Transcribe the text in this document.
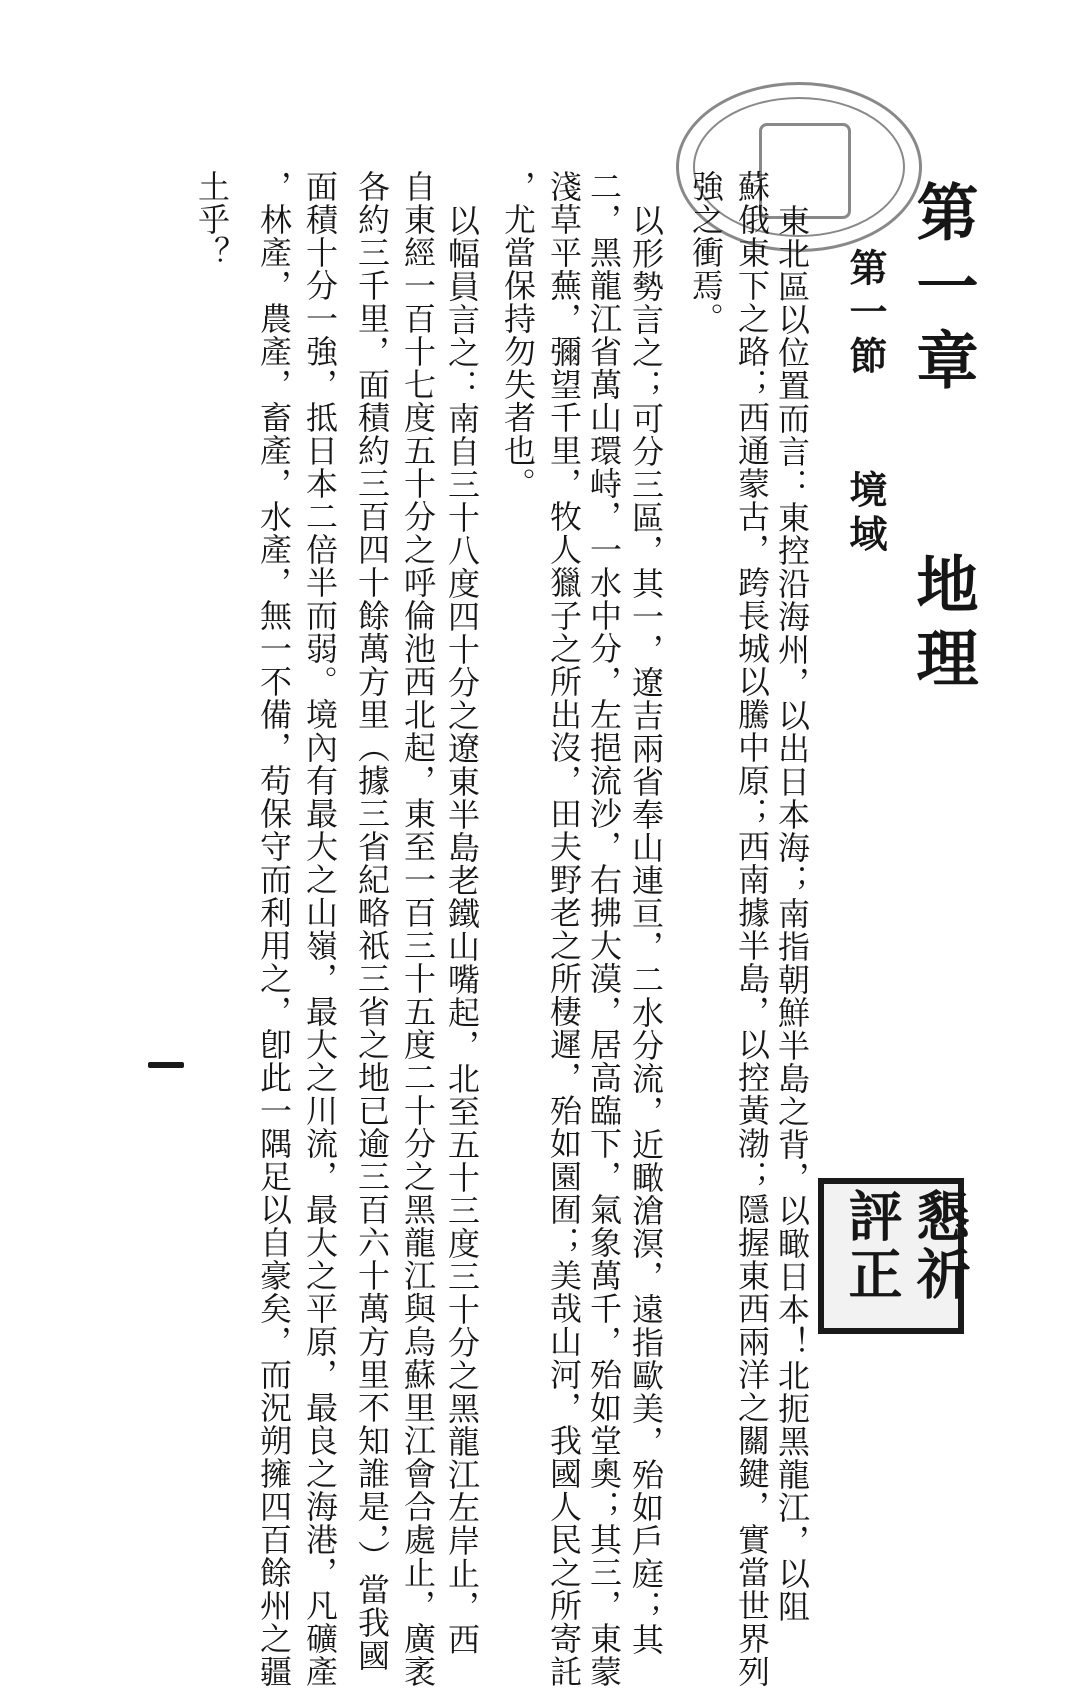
第一章地理
第一節境域
東北區以位置而言：東控沿海州，以出日本海；南指朝鮮半島之背，以瞰日本！北扼黑龍江，以阻
蘇俄東下之路；西通蒙古，跨長城以騰中原；西南據半島，以控黃渤；隱握東西兩洋之關鍵，實當世界列
強之衝焉。
以形勢言之；可分三區，其一，遼吉兩省奉山連亘，二水分流，近瞰滄溟，遠指歐美，殆如戶庭；其
二，黑龍江省萬山環峙，一水中分，左挹流沙，右拂大漠，居高臨下，氣象萬千，殆如堂奧；其三，東蒙
淺草平蕪，彌望千里，牧人獵子之所出沒，田夫野老之所棲遲，殆如園囿；美哉山河，我國人民之所寄託
，尤當保持勿失者也。
以幅員言之：南自三十八度四十分之遼東半島老鐵山嘴起，北至五十三度三十分之黑龍江左岸止，西
自東經一百十七度五十分之呼倫池西北起，東至一百三十五度二十分之黑龍江與烏蘇里江會合處止，廣袤
各約三千里，面積約三百四十餘萬方里（據三省紀略祇三省之地已逾三百六十萬方里不知誰是，）當我國
面積十分一強，抵日本二倍半而弱。境內有最大之山嶺，最大之川流，最大之平原，最良之海港，凡礦產
，林產，農產，畜產，水產，無一不備，苟保守而利用之，卽此一隅足以自豪矣，而況朔擁四百餘州之疆
土乎？
懇祈
評正
